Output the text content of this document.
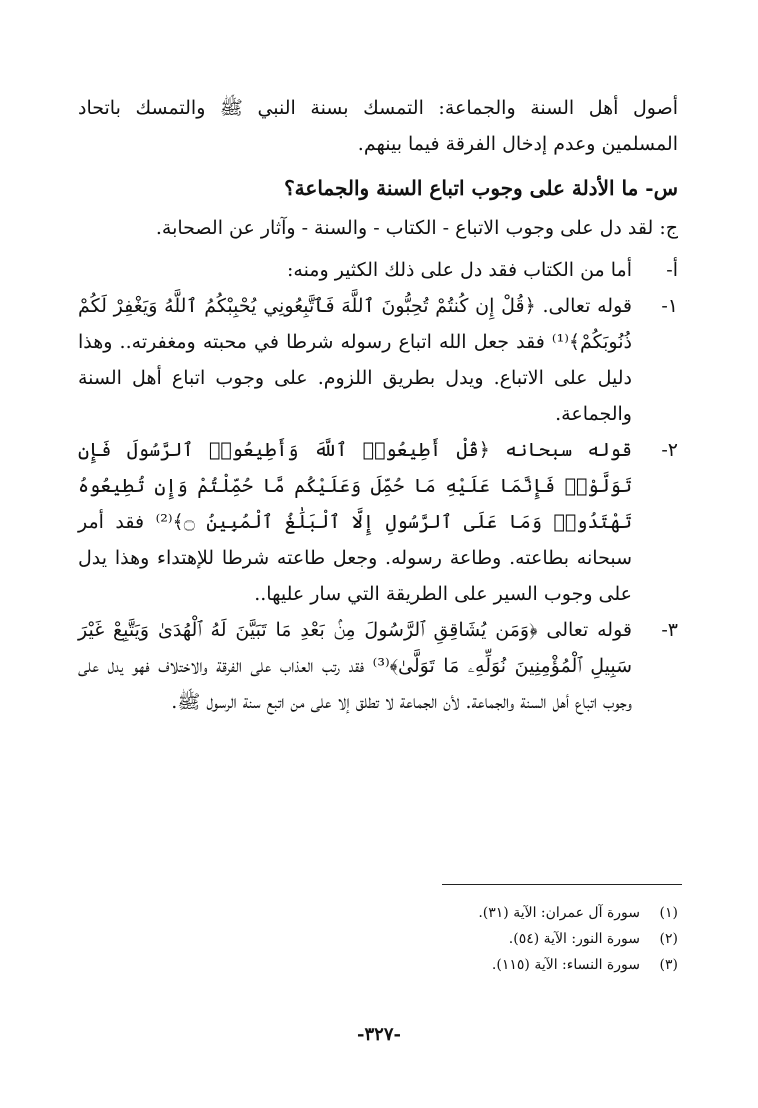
أصول أهل السنة والجماعة: التمسك بسنة النبي ﷺ والتمسك باتحاد المسلمين وعدم إدخال الفرقة فيما بينهم.

س- ما الأدلة على وجوب اتباع السنة والجماعة؟

ج: لقد دل على وجوب الاتباع - الكتاب - والسنة - وآثار عن الصحابة.

أ-
أما من الكتاب فقد دل على ذلك الكثير ومنه:
١-
قوله تعالى. ﴿قُلْ إِن كُنتُمْ تُحِبُّونَ ٱللَّهَ فَٱتَّبِعُونِي يُحْبِبْكُمُ ٱللَّهُ وَيَغْفِرْ لَكُمْ ذُنُوبَكُمْ﴾⁽¹⁾ فقد جعل الله اتباع رسوله شرطا في محبته ومغفرته.. وهذا دليل على الاتباع. ويدل بطريق اللزوم. على وجوب اتباع أهل السنة والجماعة.
٢-
قوله سبحانه ﴿قُلْ أَطِيعُوا۟ ٱللَّهَ وَأَطِيعُوا۟ ٱلرَّسُولَ فَإِن تَوَلَّوْا۟ فَإِنَّمَا عَلَيْهِ مَا حُمِّلَ وَعَلَيْكُم مَّا حُمِّلْتُمْ وَإِن تُطِيعُوهُ تَهْتَدُوا۟ وَمَا عَلَى ٱلرَّسُولِ إِلَّا ٱلْبَلَٰغُ ٱلْمُبِينُ ۝﴾⁽²⁾ فقد أمر سبحانه بطاعته. وطاعة رسوله. وجعل طاعته شرطا للإهتداء وهذا يدل على وجوب السير على الطريقة التي سار عليها..
٣-
قوله تعالى ﴿وَمَن يُشَاقِقِ ٱلرَّسُولَ مِنۢ بَعْدِ مَا تَبَيَّنَ لَهُ ٱلْهُدَىٰ وَيَتَّبِعْ غَيْرَ سَبِيلِ ٱلْمُؤْمِنِينَ نُوَلِّهِۦ مَا تَوَلَّىٰ﴾⁽³⁾ فقد رتب العذاب على الفرقة والاختلاف فهو يدل على وجوب اتباع أهل السنة والجماعة. لأن الجماعة لا تطلق إلا على من اتبع سنة الرسول ﷺ.
(١)
سورة آل عمران: الآية (٣١).
(٢)
سورة النور: الآية (٥٤).
(٣)
سورة النساء: الآية (١١٥).
-٣٢٧-
